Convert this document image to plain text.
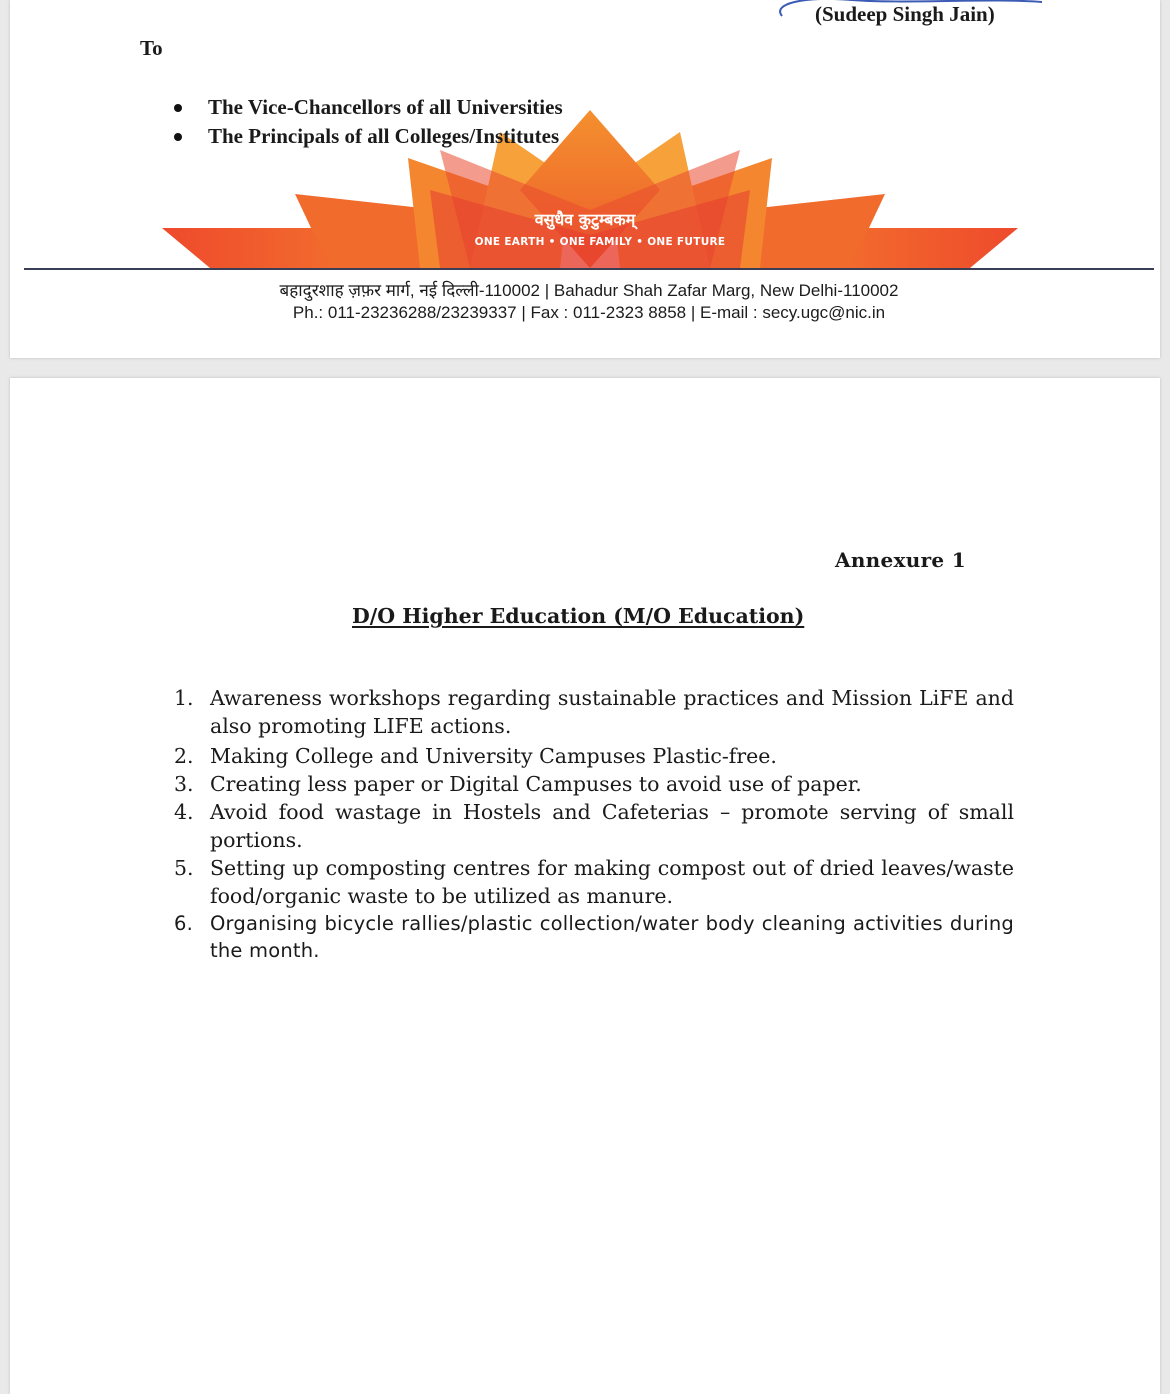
(Sudeep Singh Jain)
To
The Vice-Chancellors of all Universities
The Principals of all Colleges/Institutes
वसुधैव कुटुम्बकम्
ONE EARTH • ONE FAMILY • ONE FUTURE
बहादुरशाह ज़फ़र मार्ग, नई दिल्ली-110002 | Bahadur Shah Zafar Marg, New Delhi-110002
Ph.: 011-23236288/23239337 | Fax : 011-2323 8858 | E-mail : secy.ugc@nic.in
Annexure 1
D/O Higher Education (M/O Education)
1. Awareness workshops regarding sustainable practices and Mission LiFE and also promoting LIFE actions.
2. Making College and University Campuses Plastic-free.
3. Creating less paper or Digital Campuses to avoid use of paper.
4. Avoid food wastage in Hostels and Cafeterias – promote serving of small portions.
5. Setting up composting centres for making compost out of dried leaves/waste food/organic waste to be utilized as manure.
6. Organising bicycle rallies/plastic collection/water body cleaning activities during the month.
